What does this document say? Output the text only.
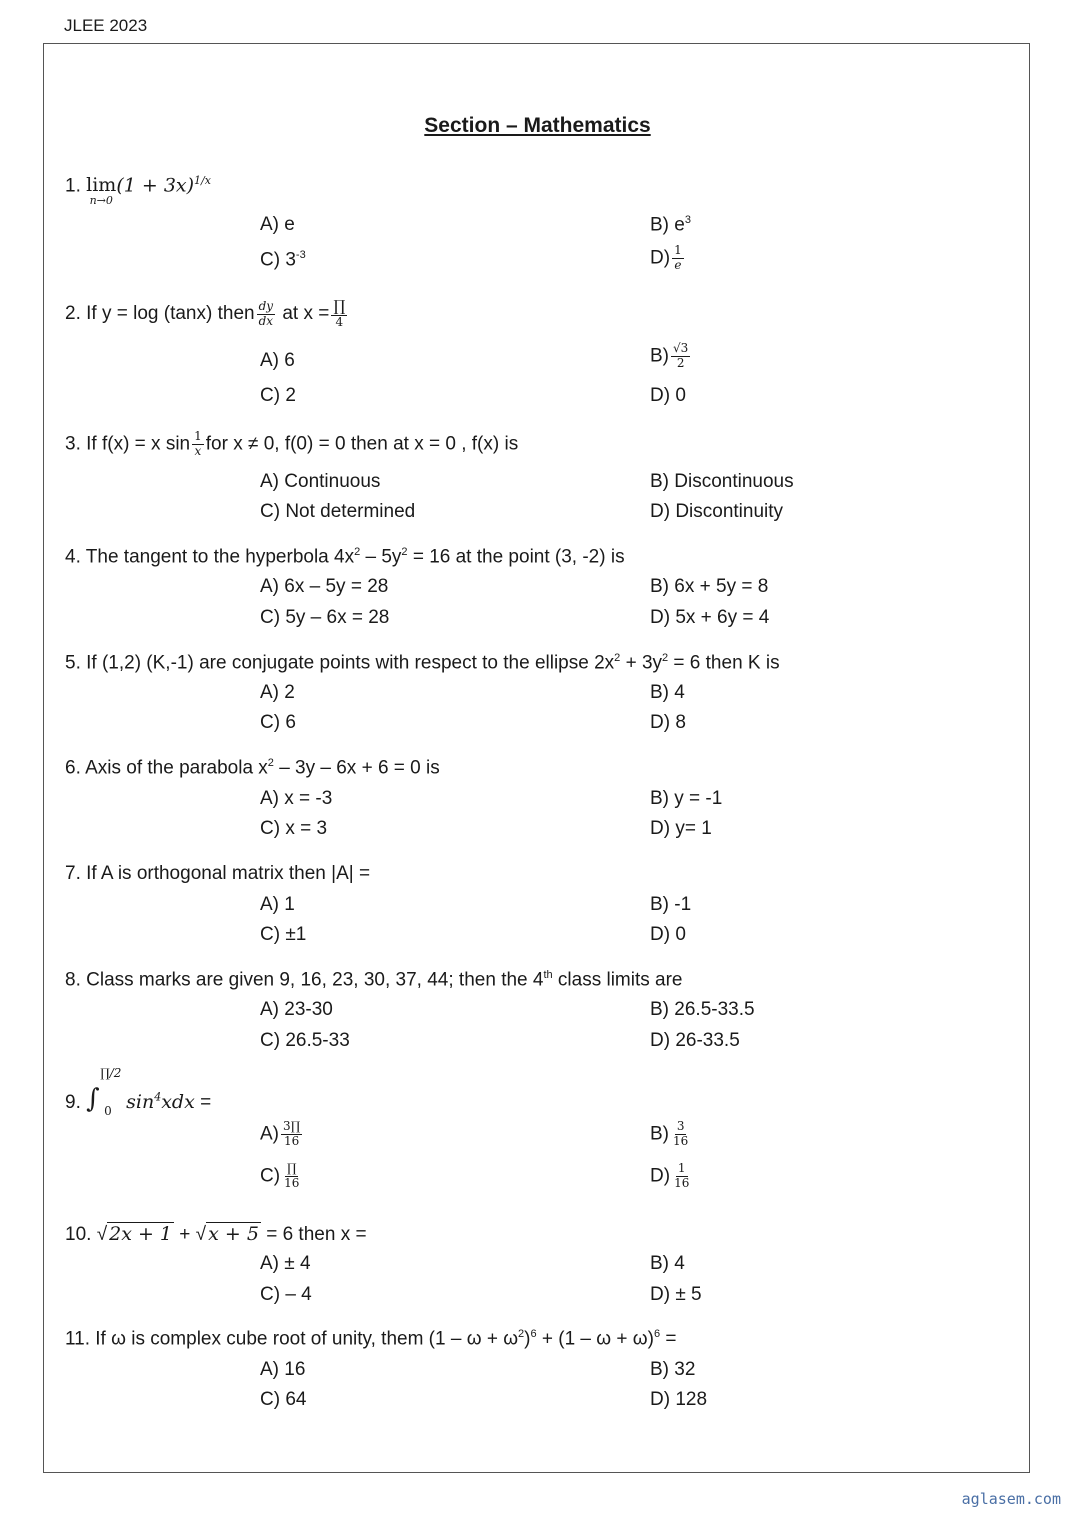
JLEE 2023
Section – Mathematics
1. lim
n→0
$(1 + 3x)^{1/x}$
A) e	B) $e^3$
C) $3^{-3}$	$D) \frac{1}{e}$
2. If y = log (tanx) then $\frac{dy}{dx}$ at $x = \frac{\prod}{4}$
A) 6	$B) \frac{√3}{2}$
C) 2	D) 0
3. If f(x) = x $\sin \frac{1}{x}$ for x ≠ 0, f(0) = 0 then at x = 0 , f(x) is
A) Continuous	B) Discontinuous
C) Not determined	D) Discontinuity
4. The tangent to the hyperbola $4x^2 - 5y^2 = 16$ at the point (3, -2) is
A) 6x – 5y = 28	B) 6x + 5y = 8
C) 5y – 6x = 28	D) 5x + 6y = 4
5. If (1,2) (K,-1) are conjugate points with respect to the ellipse $2x^2 + 3y^2 = 6$ then K is
A) 2	B) 4
C) 6	D) 8
6. Axis of the parabola $x^2 - 3y - 6x + 6 = 0$ is
A) x = -3	B) y = -1
C) x = 3	D) y= 1
7. If A is orthogonal matrix then |A| =
A) 1	B) -1
C) ±1	D) 0
8. Class marks are given 9, 16, 23, 30, 37, 44; then the 4th class limits are
A) 23-30	B) 26.5-33.5
C) 26.5-33	D) 26-33.5
9. ∫
∏/2
0 $\sin^4xdx$ =
$A) \frac{3\prod}{16}$	$B) \frac{3}{16}$
$C) \frac{\prod}{16}$	$D) \frac{1}{16}$
10. √ 2x + 1 + √ x + 5 = 6 then x =
A) ± 4	B) 4
C) – 4	D) ± 5
11. If ω is complex cube root of unity, them $(1 - \omega + \omega^2)^6 + (1 - \omega + \omega)^6$ =
A) 16	B) 32
C) 64	D) 128
aglasem.com
